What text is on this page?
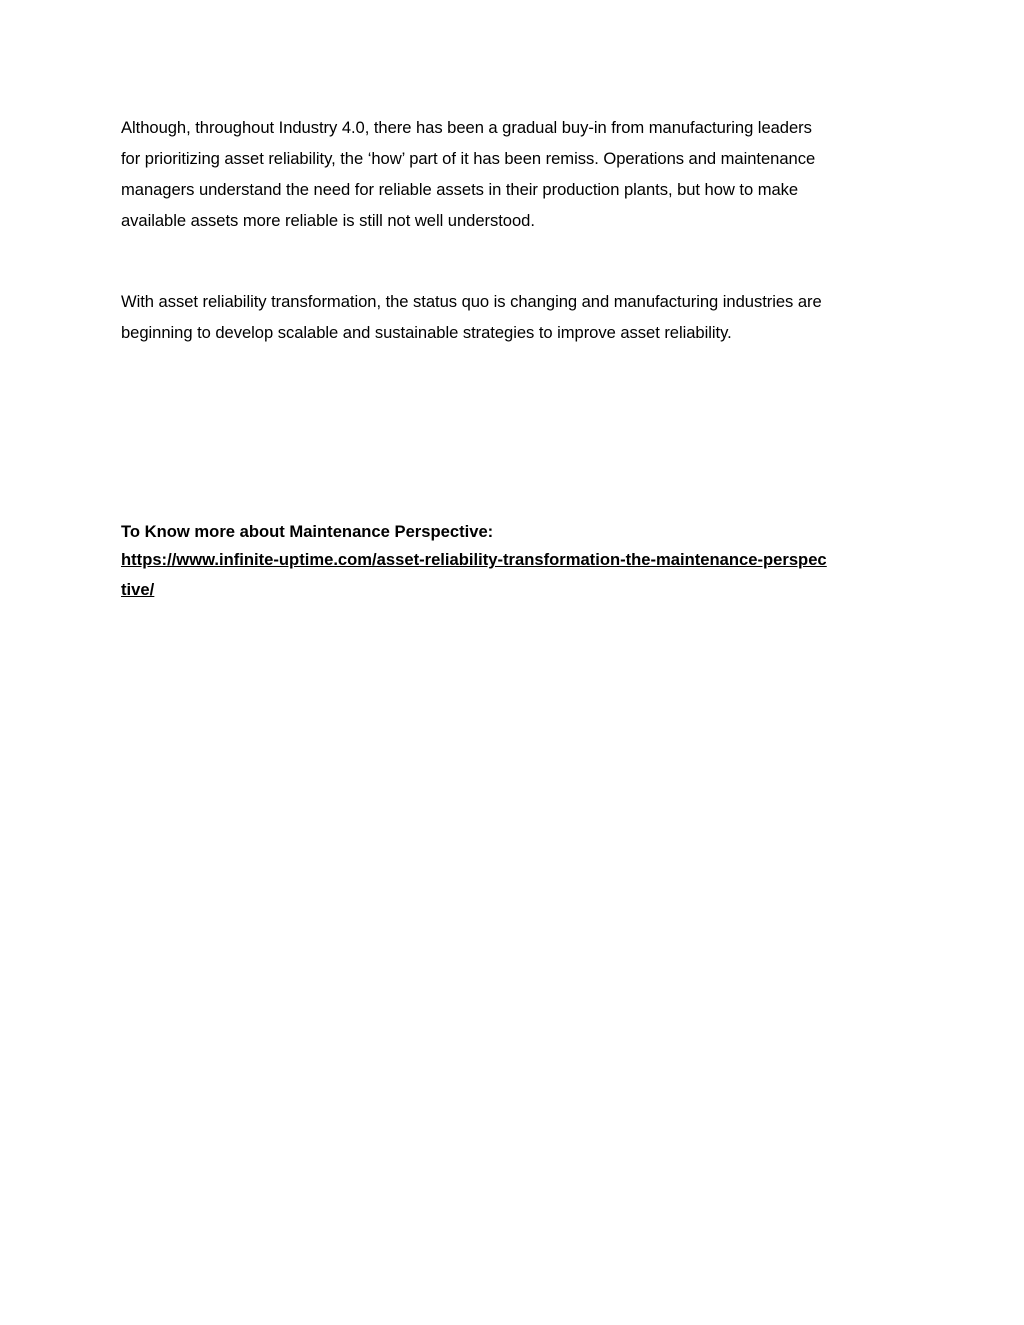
Although, throughout Industry 4.0, there has been a gradual buy-in from manufacturing leaders
for prioritizing asset reliability, the ‘how’ part of it has been remiss. Operations and maintenance
managers understand the need for reliable assets in their production plants, but how to make
available assets more reliable is still not well understood.

With asset reliability transformation, the status quo is changing and manufacturing industries are
beginning to develop scalable and sustainable strategies to improve asset reliability.

To Know more about Maintenance Perspective:

https://www.infinite-uptime.com/asset-reliability-transformation-the-maintenance-perspec
tive/
